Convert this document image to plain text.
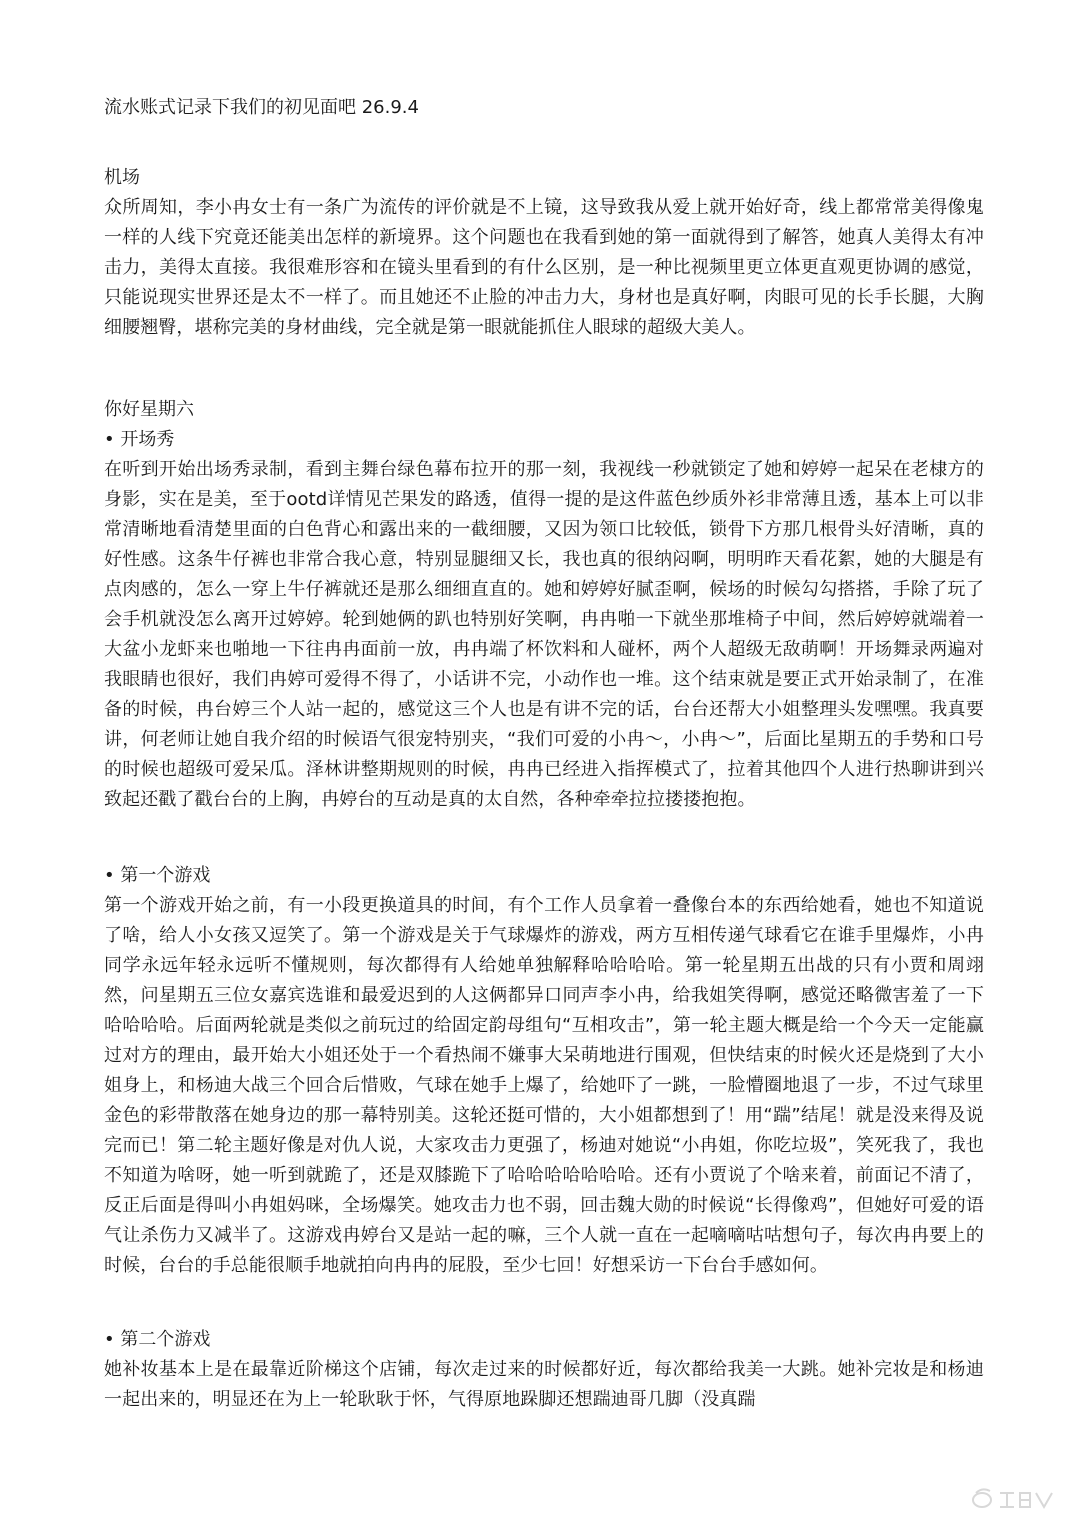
流水账式记录下我们的初见面吧 26.9.4
机场
众所周知，李小冉女士有一条广为流传的评价就是不上镜，这导致我从爱上就开始好奇，线上都常常美得像鬼一样的人线下究竟还能美出怎样的新境界。这个问题也在我看到她的第一面就得到了解答，她真人美得太有冲击力，美得太直接。我很难形容和在镜头里看到的有什么区别，是一种比视频里更立体更直观更协调的感觉，只能说现实世界还是太不一样了。而且她还不止脸的冲击力大，身材也是真好啊，肉眼可见的长手长腿，大胸细腰翘臀，堪称完美的身材曲线，完全就是第一眼就能抓住人眼球的超级大美人。
你好星期六
• 开场秀
在听到开始出场秀录制，看到主舞台绿色幕布拉开的那一刻，我视线一秒就锁定了她和婷婷一起呆在老棣方的身影，实在是美，至于ootd详情见芒果发的路透，值得一提的是这件蓝色纱质外衫非常薄且透，基本上可以非常清晰地看清楚里面的白色背心和露出来的一截细腰，又因为领口比较低，锁骨下方那几根骨头好清晰，真的好性感。这条牛仔裤也非常合我心意，特别显腿细又长，我也真的很纳闷啊，明明昨天看花絮，她的大腿是有点肉感的，怎么一穿上牛仔裤就还是那么细细直直的。她和婷婷好腻歪啊，候场的时候勾勾搭搭，手除了玩了会手机就没怎么离开过婷婷。轮到她俩的趴也特别好笑啊，冉冉啪一下就坐那堆椅子中间，然后婷婷就端着一大盆小龙虾来也啪地一下往冉冉面前一放，冉冉端了杯饮料和人碰杯，两个人超级无敌萌啊！开场舞录两遍对我眼睛也很好，我们冉婷可爱得不得了，小话讲不完，小动作也一堆。这个结束就是要正式开始录制了，在准备的时候，冉台婷三个人站一起的，感觉这三个人也是有讲不完的话，台台还帮大小姐整理头发嘿嘿。我真要讲，何老师让她自我介绍的时候语气很宠特别夹，“我们可爱的小冉～，小冉～”，后面比星期五的手势和口号的时候也超级可爱呆瓜。泽林讲整期规则的时候，冉冉已经进入指挥模式了，拉着其他四个人进行热聊讲到兴致起还戳了戳台台的上胸，冉婷台的互动是真的太自然，各种牵牵拉拉搂搂抱抱。
• 第一个游戏
第一个游戏开始之前，有一小段更换道具的时间，有个工作人员拿着一叠像台本的东西给她看，她也不知道说了啥，给人小女孩又逗笑了。第一个游戏是关于气球爆炸的游戏，两方互相传递气球看它在谁手里爆炸，小冉同学永远年轻永远听不懂规则，每次都得有人给她单独解释哈哈哈哈。第一轮星期五出战的只有小贾和周翊然，问星期五三位女嘉宾选谁和最爱迟到的人这俩都异口同声李小冉，给我姐笑得啊，感觉还略微害羞了一下哈哈哈哈。后面两轮就是类似之前玩过的给固定韵母组句“互相攻击”，第一轮主题大概是给一个今天一定能赢过对方的理由，最开始大小姐还处于一个看热闹不嫌事大呆萌地进行围观，但快结束的时候火还是烧到了大小姐身上，和杨迪大战三个回合后惜败，气球在她手上爆了，给她吓了一跳，一脸懵圈地退了一步，不过气球里金色的彩带散落在她身边的那一幕特别美。这轮还挺可惜的，大小姐都想到了！用“踹”结尾！就是没来得及说完而已！第二轮主题好像是对仇人说，大家攻击力更强了，杨迪对她说“小冉姐，你吃垃圾”，笑死我了，我也不知道为啥呀，她一听到就跪了，还是双膝跪下了哈哈哈哈哈哈哈。还有小贾说了个啥来着，前面记不清了，反正后面是得叫小冉姐妈咪，全场爆笑。她攻击力也不弱，回击魏大勋的时候说“长得像鸡”，但她好可爱的语气让杀伤力又减半了。这游戏冉婷台又是站一起的嘛，三个人就一直在一起嘀嘀咕咕想句子，每次冉冉要上的时候，台台的手总能很顺手地就拍向冉冉的屁股，至少七回！好想采访一下台台手感如何。
• 第二个游戏
她补妆基本上是在最靠近阶梯这个店铺，每次走过来的时候都好近，每次都给我美一大跳。她补完妆是和杨迪一起出来的，明显还在为上一轮耿耿于怀，气得原地跺脚还想踹迪哥几脚（没真踹
